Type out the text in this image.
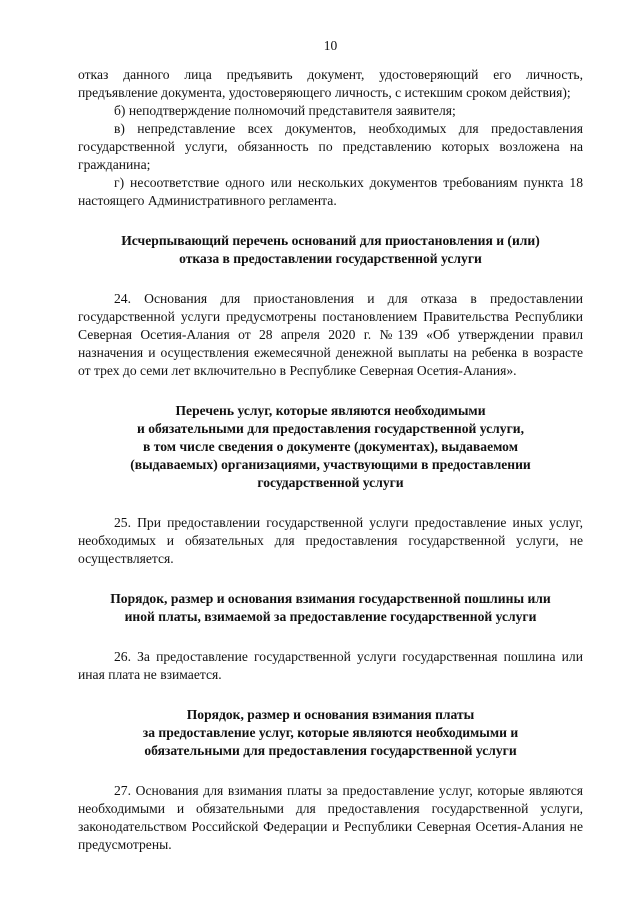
10

отказ данного лица предъявить документ, удостоверяющий его личность, предъявление документа, удостоверяющего личность, с истекшим сроком действия);

б) неподтверждение полномочий представителя заявителя;

в) непредставление всех документов, необходимых для предоставления государственной услуги, обязанность по представлению которых возложена на гражданина;

г) несоответствие одного или нескольких документов требованиям пункта 18 настоящего Административного регламента.

Исчерпывающий перечень оснований для приостановления и (или)
отказа в предоставлении государственной услуги

24. Основания для приостановления и для отказа в предоставлении государственной услуги предусмотрены постановлением Правительства Республики Северная Осетия-Алания от 28 апреля 2020 г. №139 «Об утверждении правил назначения и осуществления ежемесячной денежной выплаты на ребенка в возрасте от трех до семи лет включительно в Республике Северная Осетия-Алания».

Перечень услуг, которые являются необходимыми
и обязательными для предоставления государственной услуги,
в том числе сведения о документе (документах), выдаваемом
(выдаваемых) организациями, участвующими в предоставлении
государственной услуги

25. При предоставлении государственной услуги предоставление иных услуг, необходимых и обязательных для предоставления государственной услуги, не осуществляется.

Порядок, размер и основания взимания государственной пошлины или
иной платы, взимаемой за предоставление государственной услуги

26. За предоставление государственной услуги государственная пошлина или иная плата не взимается.

Порядок, размер и основания взимания платы
за предоставление услуг, которые являются необходимыми и
обязательными для предоставления государственной услуги

27. Основания для взимания платы за предоставление услуг, которые являются необходимыми и обязательными для предоставления государственной услуги, законодательством Российской Федерации и Республики Северная Осетия-Алания не предусмотрены.
